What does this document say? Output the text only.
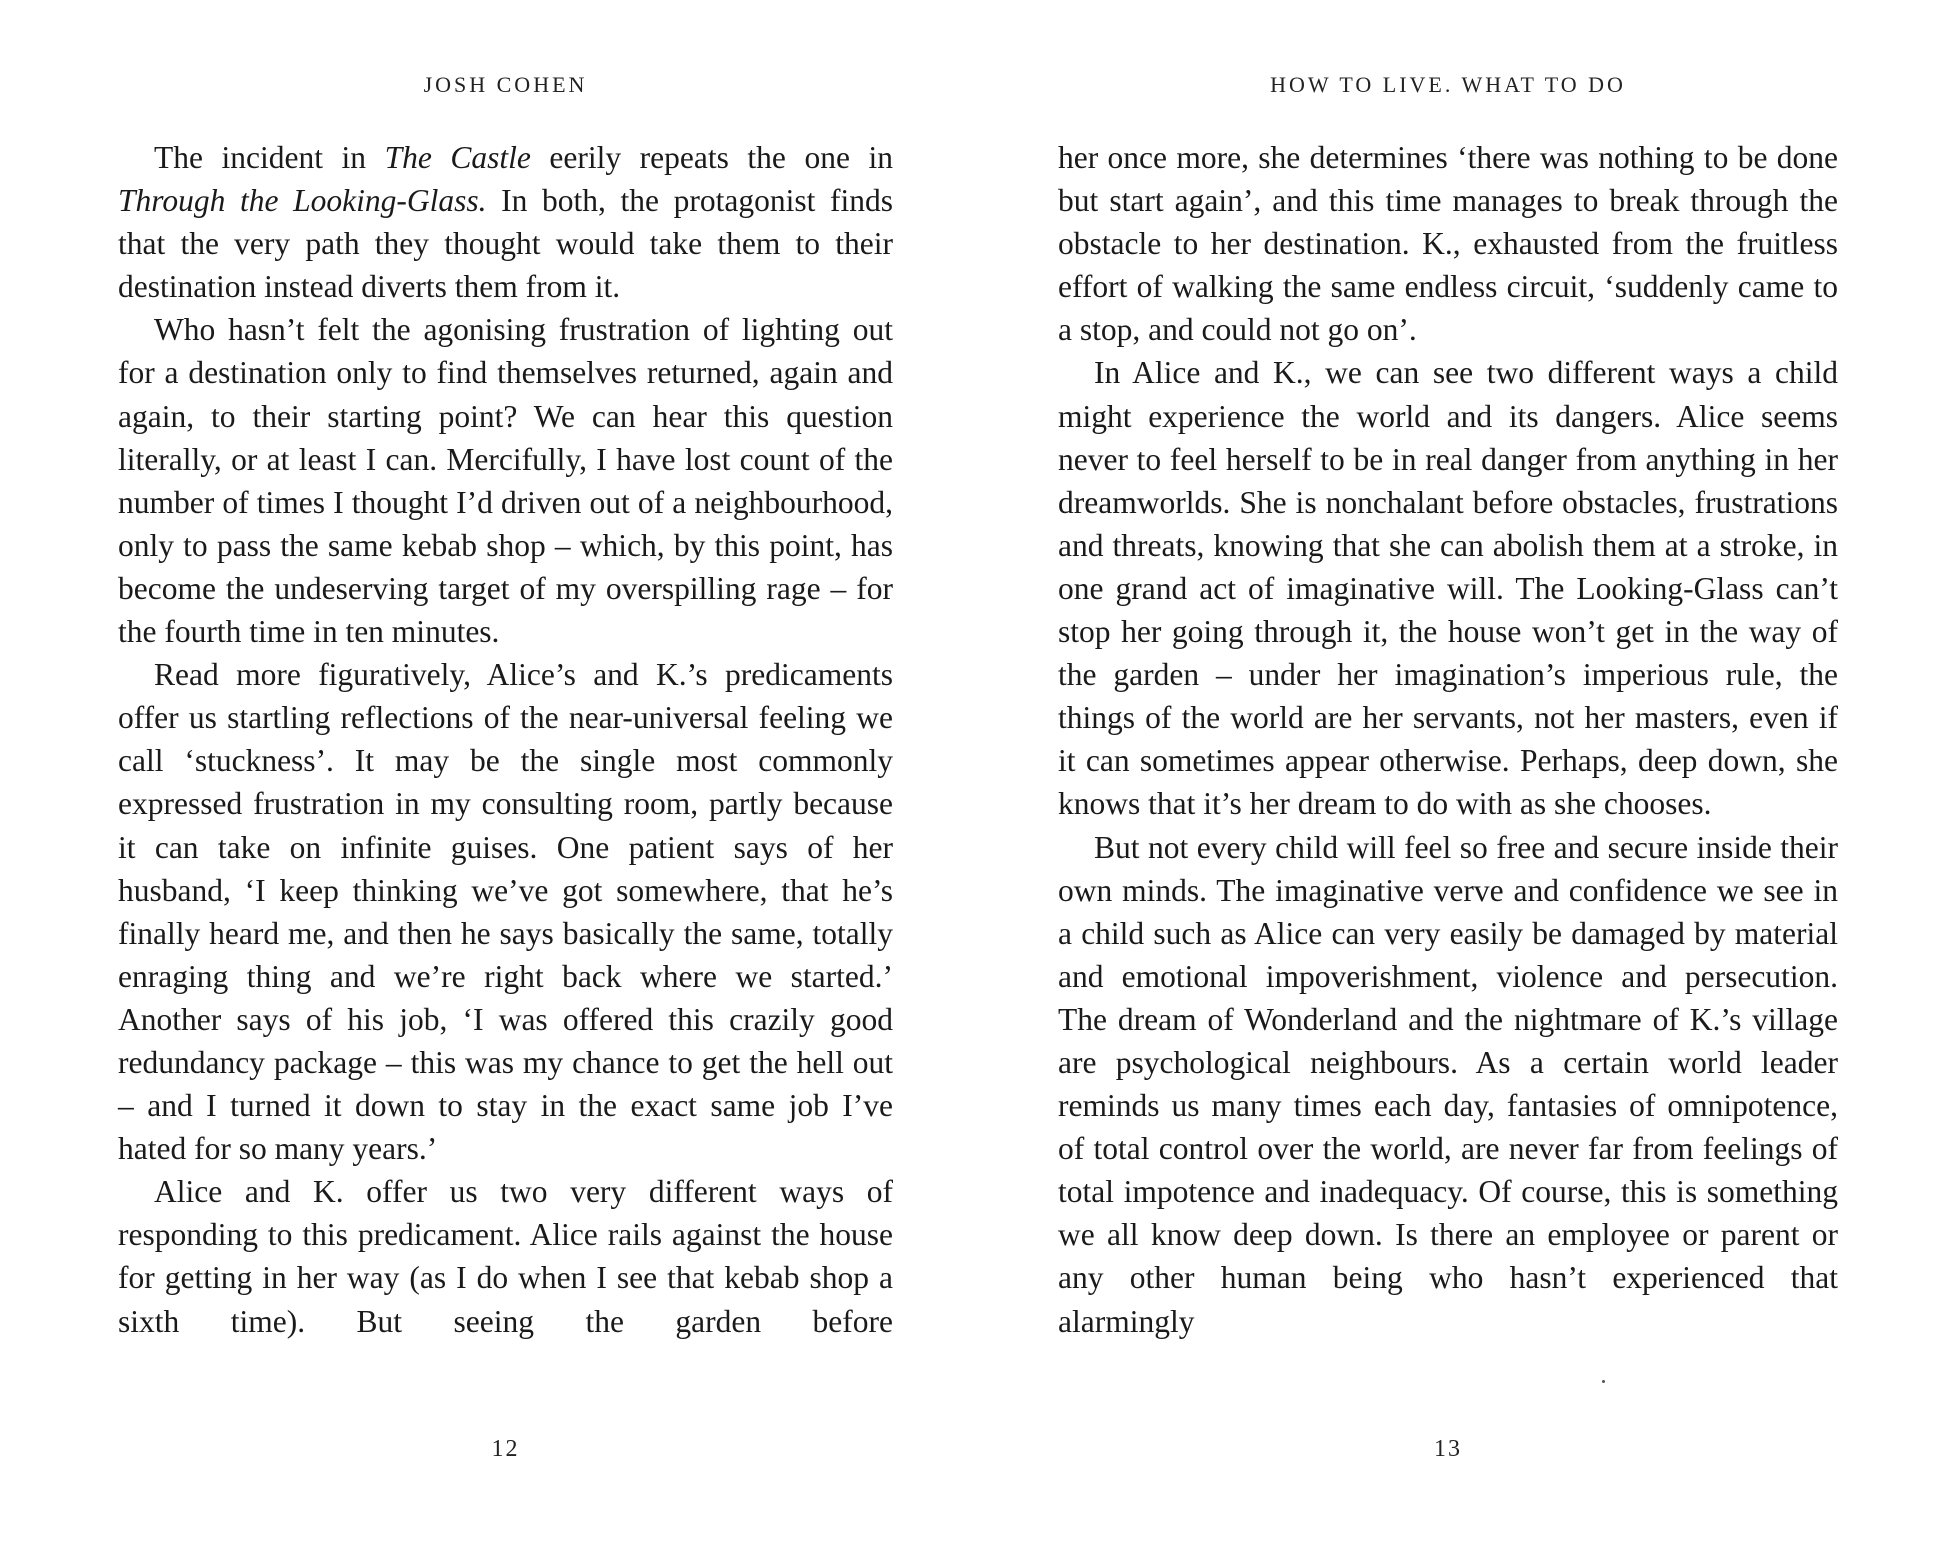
JOSH COHEN

The incident in The Castle eerily repeats the one in Through the Looking-Glass. In both, the protagonist finds that the very path they thought would take them to their destination instead diverts them from it.

Who hasn’t felt the agonising frustration of lighting out for a destination only to find themselves returned, again and again, to their starting point? We can hear this question literally, or at least I can. Mercifully, I have lost count of the number of times I thought I’d driven out of a neighbourhood, only to pass the same kebab shop – which, by this point, has become the undeserving target of my overspilling rage – for the fourth time in ten minutes.

Read more figuratively, Alice’s and K.’s predicaments offer us startling reflections of the near-universal feeling we call ‘stuckness’. It may be the single most commonly expressed frustration in my consulting room, partly because it can take on infinite guises. One patient says of her husband, ‘I keep thinking we’ve got somewhere, that he’s finally heard me, and then he says basically the same, totally enraging thing and we’re right back where we started.’ Another says of his job, ‘I was offered this crazily good redundancy package – this was my chance to get the hell out – and I turned it down to stay in the exact same job I’ve hated for so many years.’

Alice and K. offer us two very different ways of responding to this predicament. Alice rails against the house for getting in her way (as I do when I see that kebab shop a sixth time). But seeing the garden before

12
HOW TO LIVE. WHAT TO DO

her once more, she determines ‘there was nothing to be done but start again’, and this time manages to break through the obstacle to her destination. K., exhausted from the fruitless effort of walking the same endless circuit, ‘suddenly came to a stop, and could not go on’.

In Alice and K., we can see two different ways a child might experience the world and its dangers. Alice seems never to feel herself to be in real danger from anything in her dreamworlds. She is nonchalant before obstacles, frustrations and threats, knowing that she can abolish them at a stroke, in one grand act of imaginative will. The Looking-Glass can’t stop her going through it, the house won’t get in the way of the garden – under her imagination’s imperious rule, the things of the world are her servants, not her masters, even if it can sometimes appear otherwise. Perhaps, deep down, she knows that it’s her dream to do with as she chooses.

But not every child will feel so free and secure inside their own minds. The imaginative verve and confidence we see in a child such as Alice can very easily be damaged by material and emotional impoverishment, violence and persecution. The dream of Wonderland and the nightmare of K.’s village are psychological neighbours. As a certain world leader reminds us many times each day, fantasies of omnipotence, of total control over the world, are never far from feelings of total impotence and inadequacy. Of course, this is something we all know deep down. Is there an employee or parent or any other human being who hasn’t experienced that alarmingly

13
